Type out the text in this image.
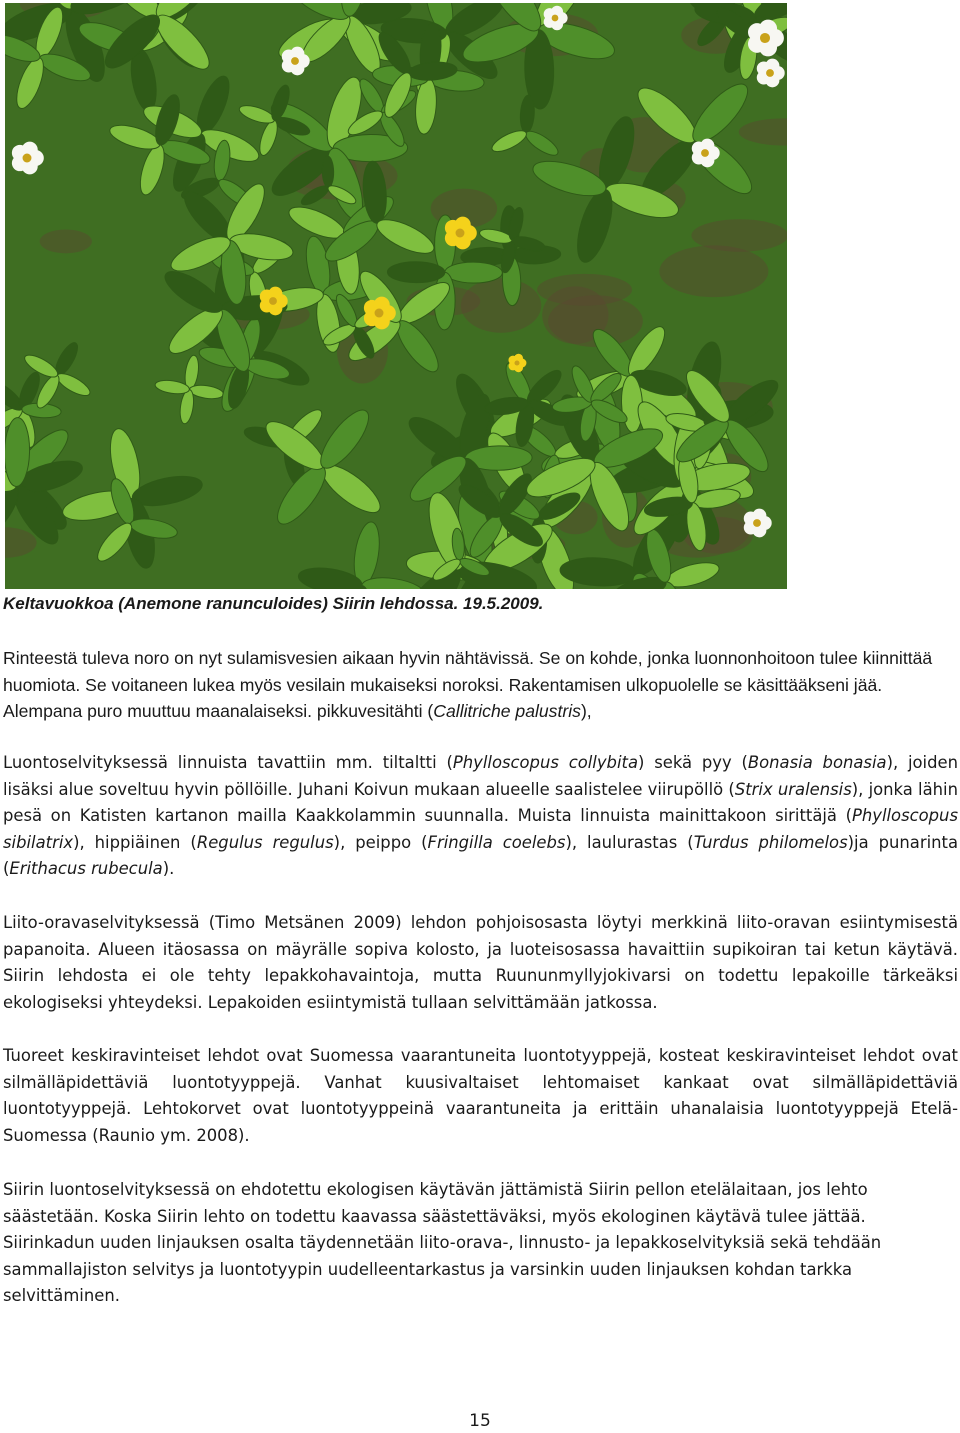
Keltavuokkoa (Anemone ranunculoides) Siirin lehdossa. 19.5.2009.

Rinteestä tuleva noro on nyt sulamisvesien aikaan hyvin nähtävissä. Se on kohde, jonka luonnonhoitoon tulee kiinnittää huomiota. Se voitaneen lukea myös vesilain mukaiseksi noroksi. Rakentamisen ulkopuolelle se käsittääkseni jää. Alempana puro muuttuu maanalaiseksi. pikkuvesitähti (Callitriche palustris),

Luontoselvityksessä linnuista tavattiin mm. tiltaltti (Phylloscopus collybita) sekä pyy (Bonasia bonasia), joiden lisäksi alue soveltuu hyvin pöllöille. Juhani Koivun mukaan alueelle saalistelee viirupöllö (Strix uralensis), jonka lähin pesä on Katisten kartanon mailla Kaakkolammin suunnalla. Muista linnuista mainittakoon sirittäjä (Phylloscopus sibilatrix), hippiäinen (Regulus regulus), peippo (Fringilla coelebs), laulurastas (Turdus philomelos)ja punarinta (Erithacus rubecula).

Liito-oravaselvityksessä (Timo Metsänen 2009) lehdon pohjoisosasta löytyi merkkinä liito-oravan esiintymisestä papanoita. Alueen itäosassa on mäyrälle sopiva kolosto, ja luoteisosassa havaittiin supikoiran tai ketun käytävä. Siirin lehdosta ei ole tehty lepakkohavaintoja, mutta Ruununmyllyjokivarsi on todettu lepakoille tärkeäksi ekologiseksi yhteydeksi. Lepakoiden esiintymistä tullaan selvittämään jatkossa.

Tuoreet keskiravinteiset lehdot ovat Suomessa vaarantuneita luontotyyppejä, kosteat keskiravinteiset lehdot ovat silmälläpidettäviä luontotyyppejä. Vanhat kuusivaltaiset lehtomaiset kankaat ovat silmälläpidettäviä luontotyyppejä. Lehtokorvet ovat luontotyyppeinä vaarantuneita ja erittäin uhanalaisia luontotyyppejä Etelä-Suomessa (Raunio ym. 2008).

Siirin luontoselvityksessä on ehdotettu ekologisen käytävän jättämistä Siirin pellon etelälaitaan, jos lehto säästetään. Koska Siirin lehto on todettu kaavassa säästettäväksi, myös ekologinen käytävä tulee jättää. Siirinkadun uuden linjauksen osalta täydennetään liito-orava-, linnusto- ja lepakkoselvityksiä sekä tehdään sammallajiston selvitys ja luontotyypin uudelleentarkastus ja varsinkin uuden linjauksen kohdan tarkka selvittäminen.

15
